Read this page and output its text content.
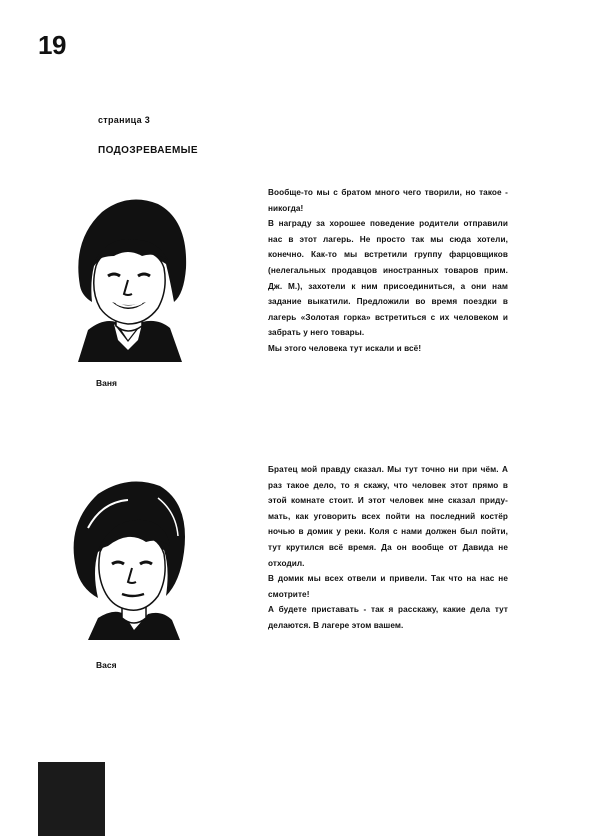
19
страница 3
ПОДОЗРЕВАЕМЫЕ
Ваня

Вообще-то мы с братом много чего творили, но такое - никогда!

В награду за хорошее поведение родители отправили нас в этот лагерь. Не просто так мы сюда хотели, конечно. Как-то мы встретили группу фарцовщиков (нелегальных продавцов иностранных товаров прим. Дж. М.), захотели к ним присоединиться, а они нам задание выкатили. Предложили во время поездки в лагерь «Золотая горка» встретиться с их человеком и забрать у него товары.

Мы этого человека тут искали и всё!

Вася

Братец мой правду сказал. Мы тут точно ни при чём. А раз такое дело, то я скажу, что человек этот прямо в этой комнате стоит. И этот человек мне сказал приду-мать, как уговорить всех пойти на последний костёр ночью в домик у реки. Коля с нами должен был пойти, тут крутился всё время. Да он вообще от Давида не отходил.

В домик мы всех отвели и привели. Так что на нас не смотрите!

А будете приставать - так я расскажу, какие дела тут делаются. В лагере этом вашем.
